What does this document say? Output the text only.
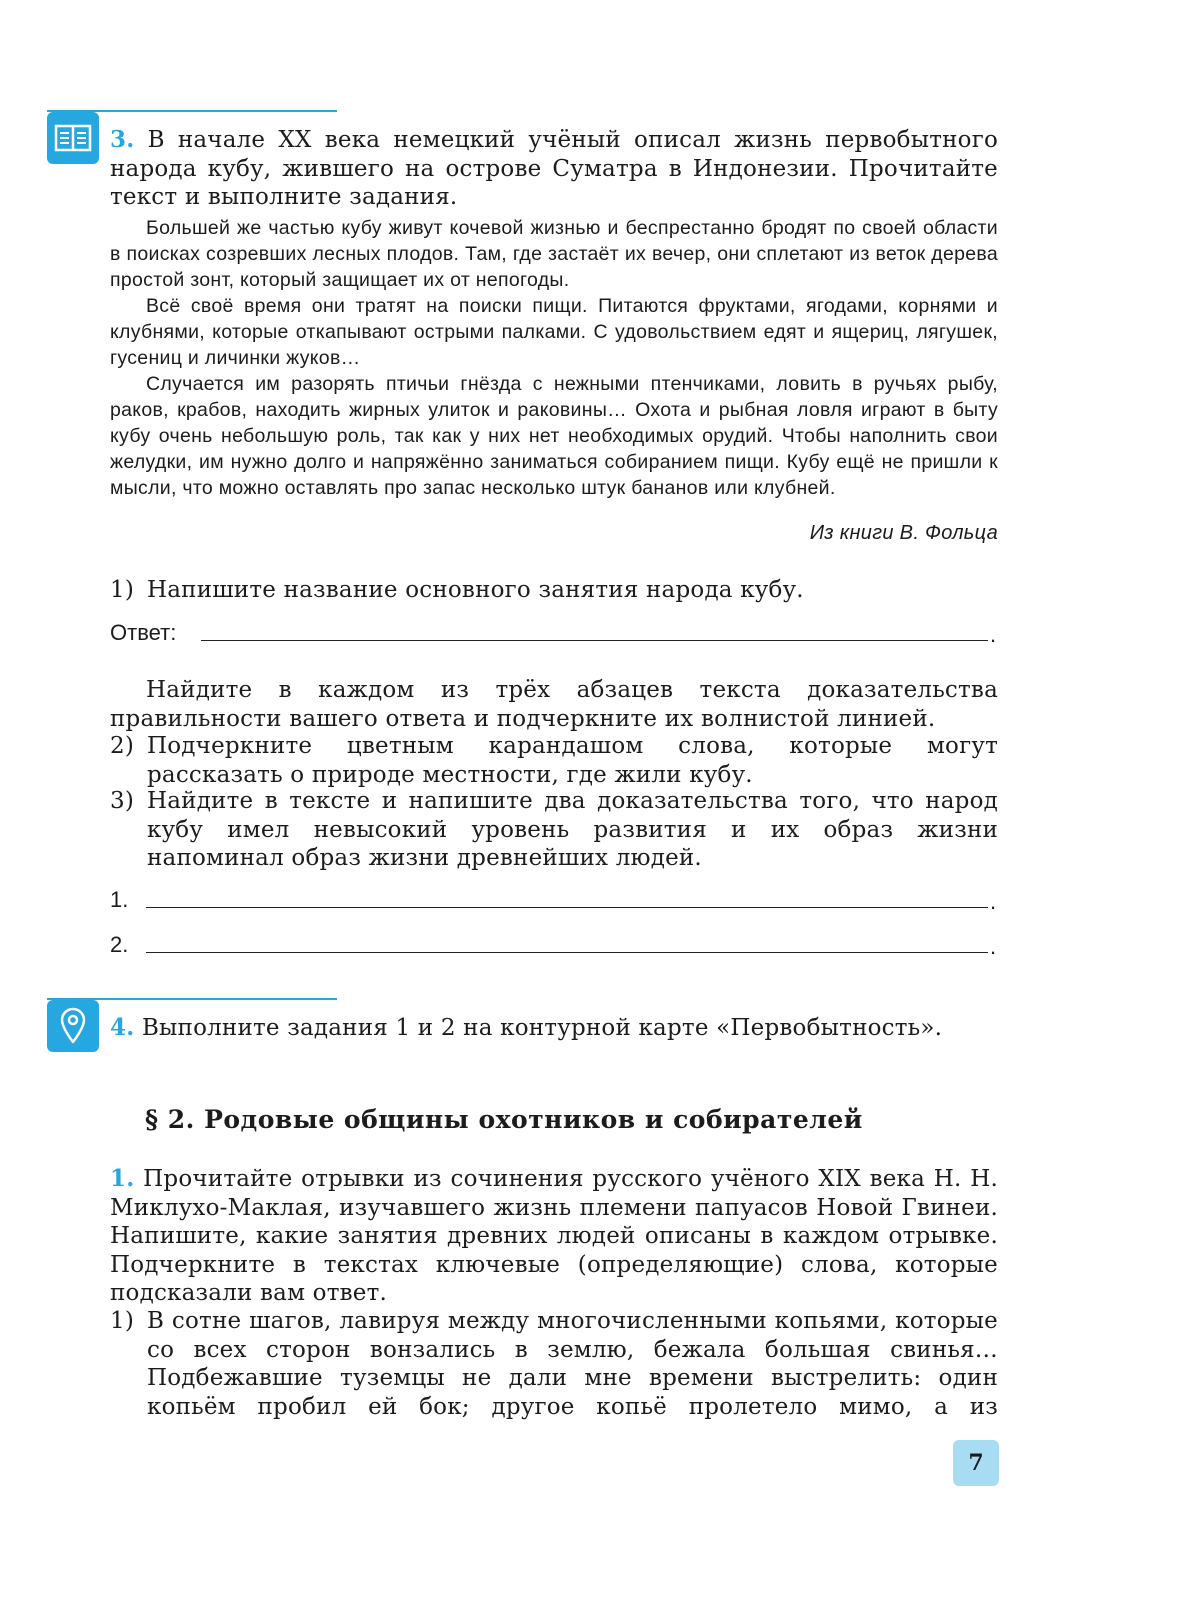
3. В начале XX века немецкий учёный описал жизнь первобытного народа кубу, жившего на острове Суматра в Индонезии. Прочитайте текст и выполните задания.

Большей же частью кубу живут кочевой жизнью и беспрестанно бродят по своей области в поисках созревших лесных плодов. Там, где застаёт их вечер, они сплетают из веток дерева простой зонт, который защищает их от непогоды.

Всё своё время они тратят на поиски пищи. Питаются фруктами, ягодами, корнями и клубнями, которые откапывают острыми палками. С удовольствием едят и ящериц, лягушек, гусениц и личинки жуков…

Случается им разорять птичьи гнёзда с нежными птенчиками, ловить в ручьях рыбу, раков, крабов, находить жирных улиток и раковины… Охота и рыбная ловля играют в быту кубу очень небольшую роль, так как у них нет необходимых орудий. Чтобы наполнить свои желудки, им нужно долго и напряжённо заниматься собиранием пищи. Кубу ещё не пришли к мысли, что можно оставлять про запас несколько штук бананов или клубней.

Из книги В. Фольца
1) Напишите название основного занятия народа кубу.
Ответ:	.
Найдите в каждом из трёх абзацев текста доказательства правильности вашего ответа и подчеркните их волнистой линией.
2) Подчеркните цветным карандашом слова, которые могут рассказать о природе местности, где жили кубу.
3) Найдите в тексте и напишите два доказательства того, что народ кубу имел невысокий уровень развития и их образ жизни напоминал образ жизни древнейших людей.
1.	.
2.	.
4. Выполните задания 1 и 2 на контурной карте «Первобытность».
§ 2. Родовые общины охотников и собирателей
1. Прочитайте отрывки из сочинения русского учёного XIX века Н. Н. Миклухо-Маклая, изучавшего жизнь племени папуасов Новой Гвинеи. Напишите, какие занятия древних людей описаны в каждом отрывке. Подчеркните в текстах ключевые (определяющие) слова, которые подсказали вам ответ.
1) В сотне шагов, лавируя между многочисленными копьями, которые со всех сторон вонзались в землю, бежала большая свинья… Подбежавшие туземцы не дали мне времени выстрелить: один копьём пробил ей бок; другое копьё пролетело мимо, а из
7
